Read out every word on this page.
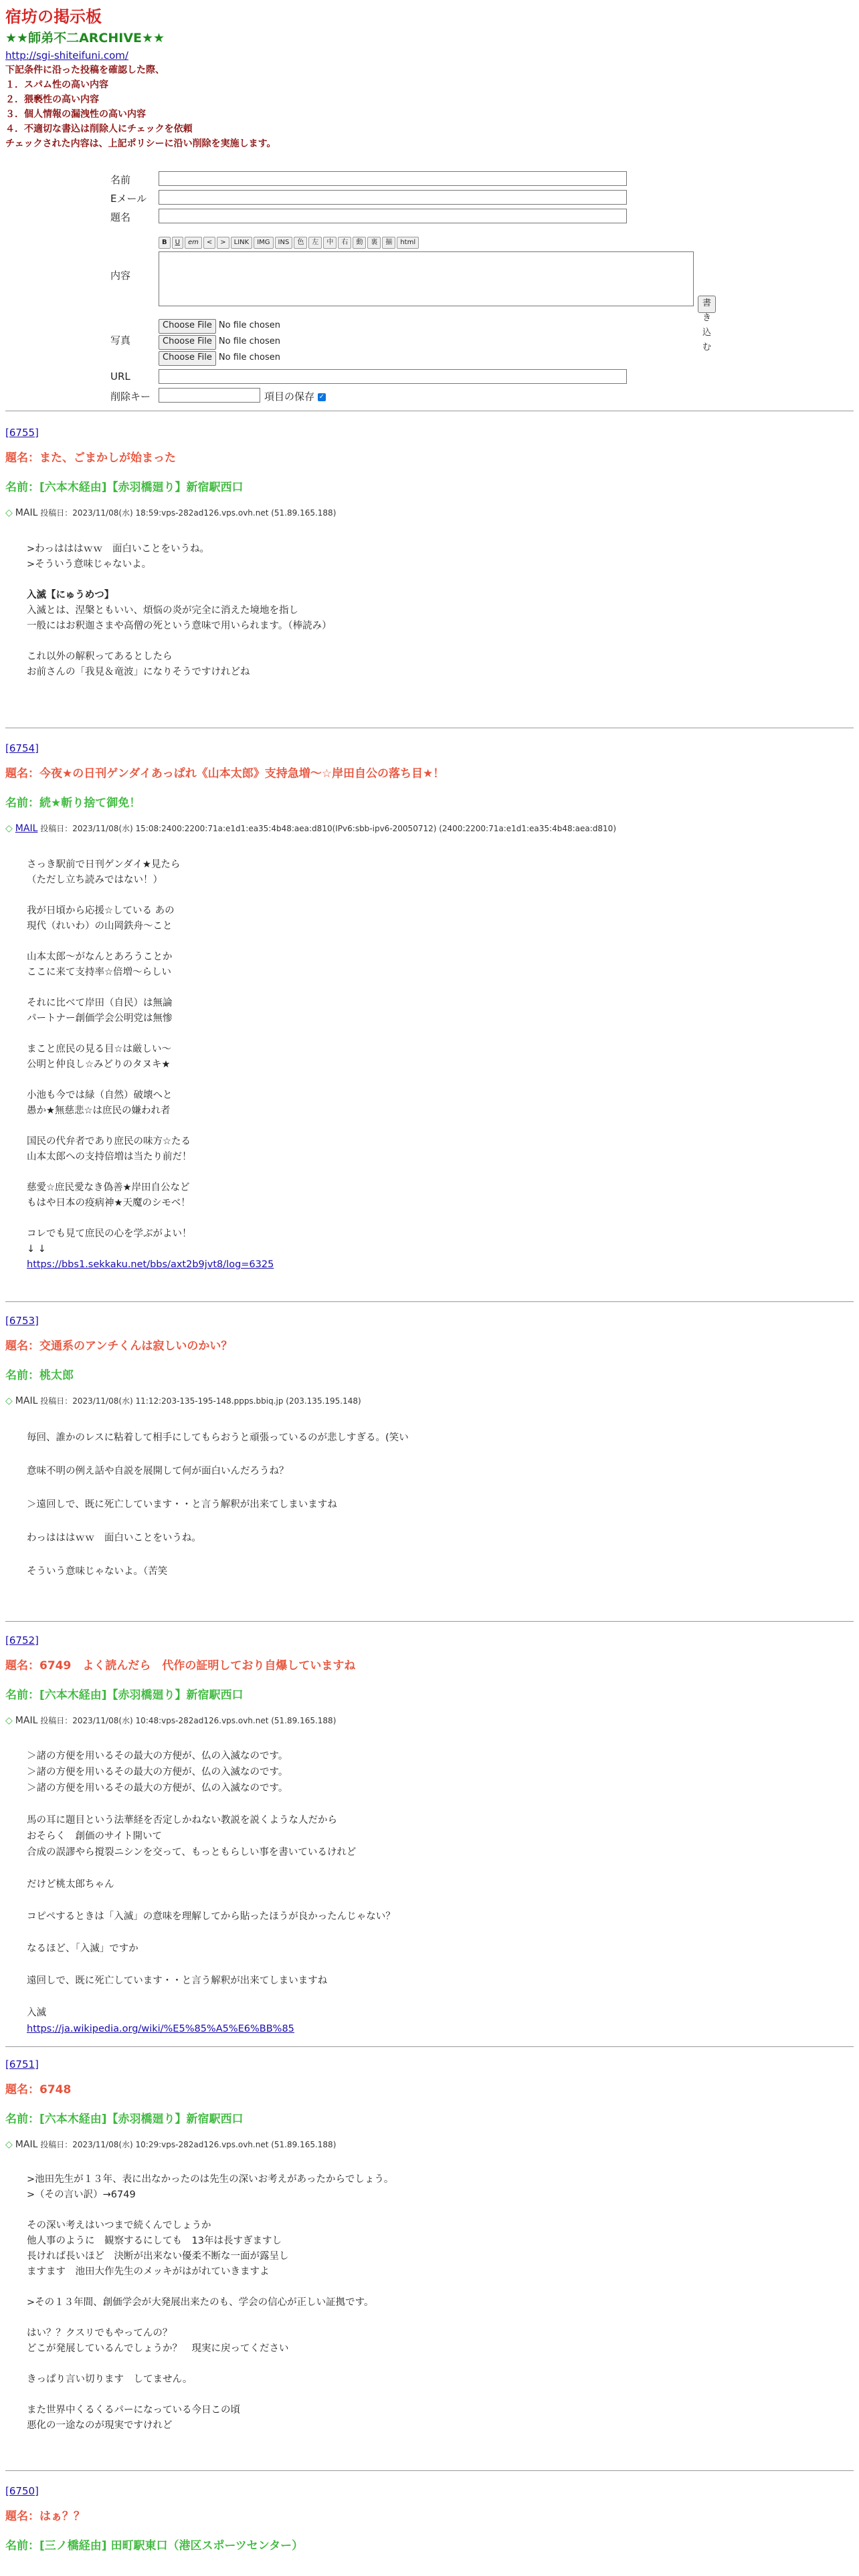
宿坊の掲示板
★★師弟不二ARCHIVE★★
http://sgi-shiteifuni.com/
下記条件に沿った投稿を確認した際、
１．スパム性の高い内容
２．猥褻性の高い内容
３．個人情報の漏洩性の高い内容
４．不適切な書込は削除人にチェックを依頼
チェックされた内容は、上記ポリシーに沿い削除を実施します。
名前
Eメール
題名
B	U	em	<	>	LINK	IMG	INS	色	左	中	右	動	裏	揃	html
内容
書き込む
写真
Choose File No file chosen
Choose File No file chosen
Choose File No file chosen
URL
削除キー	項目の保存 ✓
[6755]
題名：また、ごまかしが始まった
名前：[六本木経由]【赤羽橋廻り】新宿駅西口
◇ MAIL 投稿日：2023/11/08(水) 18:59:vps-282ad126.vps.ovh.net (51.89.165.188)
>わっはははｗｗ　面白いことをいうね。
>そういう意味じゃないよ。
入滅【にゅうめつ】
入滅とは、涅槃ともいい、煩悩の炎が完全に消えた境地を指し
一般にはお釈迦さまや高僧の死という意味で用いられます。（棒読み）
これ以外の解釈ってあるとしたら
お前さんの「我見＆竜波」になりそうですけれどね
[6754]
題名：今夜★の日刊ゲンダイあっぱれ《山本太郎》支持急増〜☆岸田自公の落ち目★！
名前：続★斬り捨て御免！
◇ MAIL 投稿日：2023/11/08(水) 15:08:2400:2200:71a:e1d1:ea35:4b48:aea:d810(IPv6:sbb-ipv6-20050712) (2400:2200:71a:e1d1:ea35:4b48:aea:d810)
さっき駅前で日刊ゲンダイ★見たら
（ただし立ち読みではない！）
我が日頃から応援☆している あの
現代（れいわ）の山岡鉄舟〜こと
山本太郎〜がなんとあろうことか
ここに来て支持率☆倍増〜らしい
それに比べて岸田（自民）は無論
パートナー創価学会公明党は無惨
まこと庶民の見る目☆は厳しい〜
公明と仲良し☆みどりのタヌキ★
小池も今では緑（自然）破壊へと
愚か★無慈悲☆は庶民の嫌われ者
国民の代弁者であり庶民の味方☆たる
山本太郎への支持倍増は当たり前だ！
慈愛☆庶民愛なき偽善★岸田自公など
もはや日本の疫病神★天魔のシモベ！
コレでも見て庶民の心を学ぶがよい！
↓ ↓
https://bbs1.sekkaku.net/bbs/axt2b9jvt8/log=6325
[6753]
題名：交通系のアンチくんは寂しいのかい？
名前：桃太郎
◇ MAIL 投稿日：2023/11/08(水) 11:12:203-135-195-148.ppps.bbiq.jp (203.135.195.148)
毎回、誰かのレスに粘着して相手にしてもらおうと頑張っているのが悲しすぎる。(笑い
意味不明の例え話や自説を展開して何が面白いんだろうね？
＞遠回しで、既に死亡しています・・と言う解釈が出来てしまいますね
わっはははｗｗ　面白いことをいうね。
そういう意味じゃないよ。（苦笑
[6752]
題名：6749　よく読んだら　代作の証明しており自爆していますね
名前：[六本木経由]【赤羽橋廻り】新宿駅西口
◇ MAIL 投稿日：2023/11/08(水) 10:48:vps-282ad126.vps.ovh.net (51.89.165.188)
＞諸の方便を用いるその最大の方便が、仏の入滅なのです。
＞諸の方便を用いるその最大の方便が、仏の入滅なのです。
＞諸の方便を用いるその最大の方便が、仏の入滅なのです。
馬の耳に題目という法華経を否定しかねない教説を説くような人だから
おそらく　創価のサイト開いて
合成の誤謬やら撹裂ニシンを交って、もっともらしい事を書いているけれど
だけど桃太郎ちゃん
コピペするときは「入滅」の意味を理解してから貼ったほうが良かったんじゃない？
なるほど、「入滅」ですか
遠回しで、既に死亡しています・・と言う解釈が出来てしまいますね
入滅
https://ja.wikipedia.org/wiki/%E5%85%A5%E6%BB%85
[6751]
題名：6748
名前：[六本木経由]【赤羽橋廻り】新宿駅西口
◇ MAIL 投稿日：2023/11/08(水) 10:29:vps-282ad126.vps.ovh.net (51.89.165.188)
>池田先生が１３年、表に出なかったのは先生の深いお考えがあったからでしょう。
>（その言い訳）→6749
その深い考えはいつまで続くんでしょうか
他人事のように　観察するにしても　13年は長すぎますし
長ければ長いほど　決断が出来ない優柔不断な一面が露呈し
ますます　池田大作先生のメッキがはがれていきますよ
>その１３年間、創価学会が大発展出来たのも、学会の信心が正しい証拠です。
はい？？クスリでもやってんの？
どこが発展しているんでしょうか？　現実に戻ってください
きっぱり言い切ります　してません。
また世界中くるくるパーになっている今日この頃
悪化の一途なのが現実ですけれど
[6750]
題名：はぁ？？
名前：[三ノ橋経由] 田町駅東口（港区スポーツセンター）
